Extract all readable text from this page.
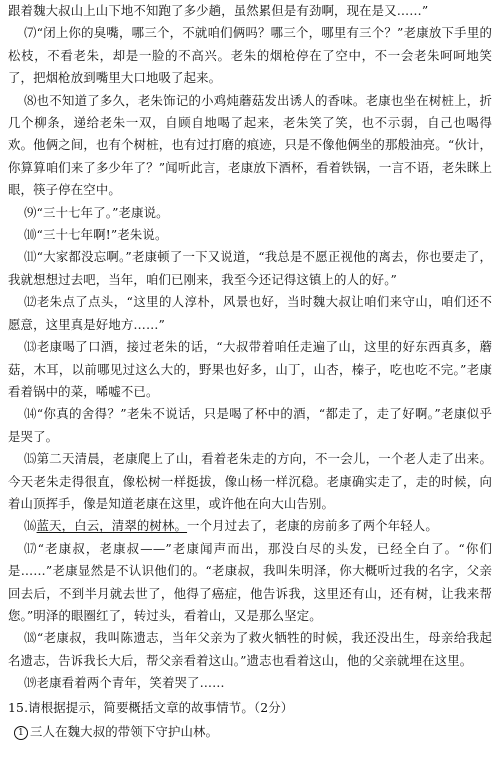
跟着魏大叔山上山下地不知跑了多少趟，虽然累但是有劲啊，现在是又……”

⑺“闭上你的臭嘴，哪三个，不就咱们俩吗？哪三个，哪里有三个？”老康放下手里的松枝，不看老朱，却是一脸的不高兴。老朱的烟枪停在了空中，不一会老朱呵呵地笑了，把烟枪放到嘴里大口地吸了起来。

⑻也不知道了多久，老朱饰记的小鸡炖蘑菇发出诱人的香味。老康也坐在树桩上，折几个柳条，递给老朱一双，自顾自地喝了起来，老朱笑了笑，也不示弱，自己也喝得欢。他俩之间，也有个树桩，也有过打磨的痕迹，只是不像他俩坐的那般油亮。“伙计，你算算咱们来了多少年了？”闻听此言，老康放下酒杯，看着铁锅，一言不语，老朱眯上眼，筷子停在空中。

⑼“三十七年了。”老康说。

⑽“三十七年啊!”老朱说。

⑾“大家都没忘啊。”老康顿了一下又说道，“我总是不愿正视他的离去，你也要走了，我就想想过去吧，当年，咱们已刚来，我至今还记得这镇上的人的好。”

⑿老朱点了点头，“这里的人淳朴，风景也好，当时魏大叔让咱们来守山，咱们还不愿意，这里真是好地方……”

⒀老康喝了口酒，接过老朱的话，“大叔带着咱任走遍了山，这里的好东西真多，蘑菇，木耳，以前哪见过这么大的，野果也好多，山丁，山杏，榛子，吃也吃不完。”老康看着锅中的菜，唏嘘不已。

⒁“你真的舍得？”老朱不说话，只是喝了杯中的酒，“都走了，走了好啊。”老康似乎是哭了。

⒂第二天清晨，老康爬上了山，看着老朱走的方向，不一会儿，一个老人走了出来。今天老朱走得很直，像松树一样挺拔，像山杨一样沉稳。老康确实走了，走的时候，向着山顶挥手，像是知道老康在这里，或许他在向大山告别。

⒃蓝天，白云，清翠的树林。一个月过去了，老康的房前多了两个年轻人。

⒄“老康叔，老康叔——”老康闻声而出，那没白尽的头发，已经全白了。“你们是……”老康显然是不认识他们的。“老康叔，我叫朱明泽，你大概听过我的名字，父亲回去后，不到半月就去世了，他得了癌症，他告诉我，这里还有山，还有树，让我来帮您。”明泽的眼圈红了，转过头，看着山，又是那么坚定。

⒅“老康叔，我叫陈遗志，当年父亲为了救火牺牲的时候，我还没出生，母亲给我起名遗志，告诉我长大后，帮父亲看着这山。”遗志也看着这山，他的父亲就埋在这里。

⒆老康看着两个青年，笑着哭了……

15.请根据提示，简要概括文章的故事情节。（2分）

1 三人在魏大叔的带领下守护山林。
